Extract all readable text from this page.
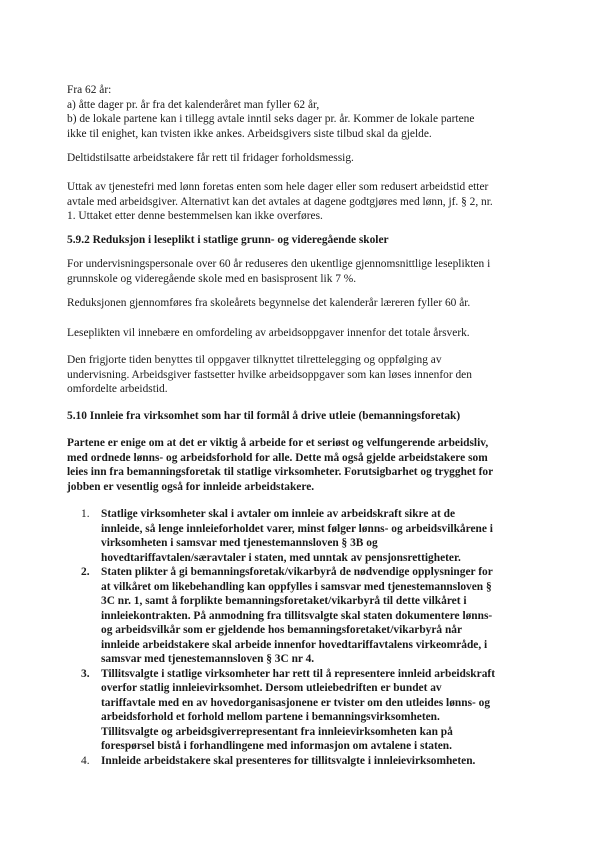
Fra 62 år:
a) åtte dager pr. år fra det kalenderåret man fyller 62 år,
b) de lokale partene kan i tillegg avtale inntil seks dager pr. år. Kommer de lokale partene
ikke til enighet, kan tvisten ikke ankes. Arbeidsgivers siste tilbud skal da gjelde.
Deltidstilsatte arbeidstakere får rett til fridager forholdsmessig.
Uttak av tjenestefri med lønn foretas enten som hele dager eller som redusert arbeidstid etter
avtale med arbeidsgiver. Alternativt kan det avtales at dagene godtgjøres med lønn, jf. § 2, nr.
1. Uttaket etter denne bestemmelsen kan ikke overføres.
5.9.2 Reduksjon i leseplikt i statlige grunn- og videregående skoler
For undervisningspersonale over 60 år reduseres den ukentlige gjennomsnittlige leseplikten i
grunnskole og videregående skole med en basisprosent lik 7 %.
Reduksjonen gjennomføres fra skoleårets begynnelse det kalenderår læreren fyller 60 år.
Leseplikten vil innebære en omfordeling av arbeidsoppgaver innenfor det totale årsverk.
Den frigjorte tiden benyttes til oppgaver tilknyttet tilrettelegging og oppfølging av
undervisning. Arbeidsgiver fastsetter hvilke arbeidsoppgaver som kan løses innenfor den
omfordelte arbeidstid.
5.10 Innleie fra virksomhet som har til formål å drive utleie (bemanningsforetak)
Partene er enige om at det er viktig å arbeide for et seriøst og velfungerende arbeidsliv,
med ordnede lønns- og arbeidsforhold for alle. Dette må også gjelde arbeidstakere som
leies inn fra bemanningsforetak til statlige virksomheter. Forutsigbarhet og trygghet for
jobben er vesentlig også for innleide arbeidstakere.
1. Statlige virksomheter skal i avtaler om innleie av arbeidskraft sikre at de
innleide, så lenge innleieforholdet varer, minst følger lønns- og arbeidsvilkårene i
virksomheten i samsvar med tjenestemannsloven § 3B og
hovedtariffavtalen/særavtaler i staten, med unntak av pensjonsrettigheter.
2. Staten plikter å gi bemanningsforetak/vikarbyrå de nødvendige opplysninger for
at vilkåret om likebehandling kan oppfylles i samsvar med tjenestemannsloven §
3C nr. 1, samt å forplikte bemanningsforetaket/vikarbyrå til dette vilkåret i
innleiekontrakten. På anmodning fra tillitsvalgte skal staten dokumentere lønns-
og arbeidsvilkår som er gjeldende hos bemanningsforetaket/vikarbyrå når
innleide arbeidstakere skal arbeide innenfor hovedtariffavtalens virkeområde, i
samsvar med tjenestemannsloven § 3C nr 4.
3. Tillitsvalgte i statlige virksomheter har rett til å representere innleid arbeidskraft
overfor statlig innleievirksomhet. Dersom utleiebedriften er bundet av
tariffavtale med en av hovedorganisasjonene er tvister om den utleides lønns- og
arbeidsforhold et forhold mellom partene i bemanningsvirksomheten.
Tillitsvalgte og arbeidsgiverrepresentant fra innleievirksomheten kan på
forespørsel bistå i forhandlingene med informasjon om avtalene i staten.
4. Innleide arbeidstakere skal presenteres for tillitsvalgte i innleievirksomheten.
